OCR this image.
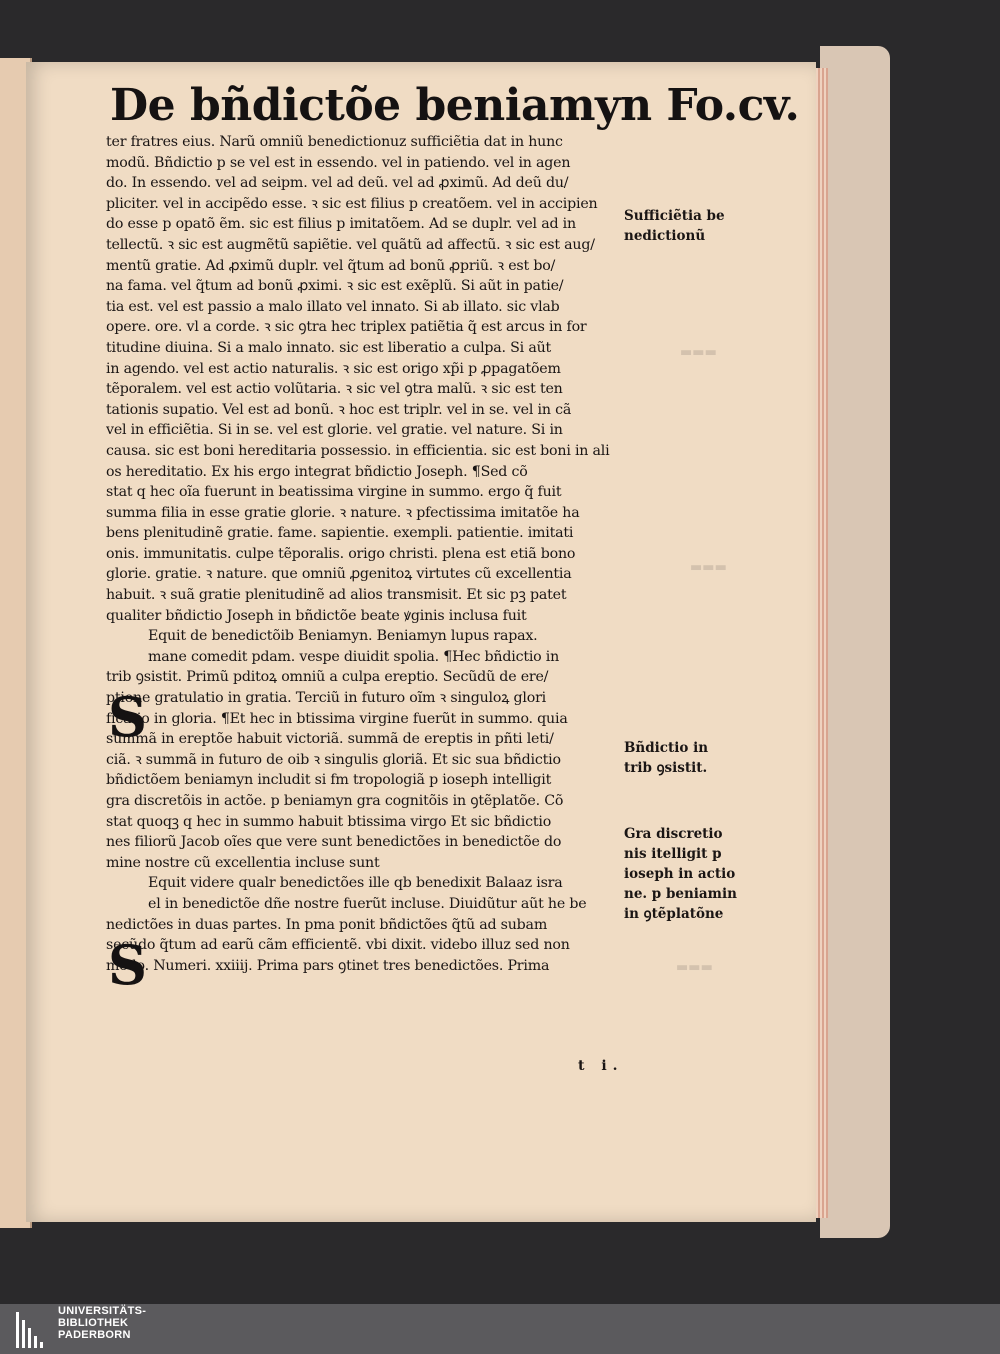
▬▬▬
▬▬▬
▬▬▬
De bñdictõe beniamyn Fo.cv.
ter fratres eius. Narũ omniũ benedictionuz sufficiẽtia dat in hunc
modũ. Bñdictio p se vel est in essendo. vel in patiendo. vel in agen
do. In essendo. vel ad seipm. vel ad deũ. vel ad ꝓximũ. Ad deũ du/
pliciter. vel in accipẽdo esse. ꝛ sic est filius p creatõem. vel in accipien
do esse p opatõ ẽm. sic est filius p imitatõem. Ad se duplr. vel ad in
tellectũ. ꝛ sic est augmẽtũ sapiẽtie. vel quãtũ ad affectũ. ꝛ sic est aug/
mentũ gratie. Ad ꝓximũ duplr. vel q̃tum ad bonũ ꝓpriũ. ꝛ est bo/
na fama. vel q̃tum ad bonũ ꝓximi. ꝛ sic est exẽplũ. Si aũt in patie/
tia est. vel est passio a malo illato vel innato. Si ab illato. sic vlab
opere. ore. vl a corde. ꝛ sic ꝯtra hec triplex patiẽtia q̃ est arcus in for
titudine diuina. Si a malo innato. sic est liberatio a culpa. Si aũt
in agendo. vel est actio naturalis. ꝛ sic est origo xp̃i p ꝓpagatõem
tẽporalem. vel est actio volũtaria. ꝛ sic vel ꝯtra malũ. ꝛ sic est ten
tationis supatio. Vel est ad bonũ. ꝛ hoc est triplr. vel in se. vel in cã
vel in efficiẽtia. Si in se. vel est glorie. vel gratie. vel nature. Si in
causa. sic est boni hereditaria possessio. in efficientia. sic est boni in ali
os hereditatio. Ex his ergo integrat bñdictio Joseph. ¶Sed cõ
stat q hec oĩa fuerunt in beatissima virgine in summo. ergo q̃ fuit
summa filia in esse gratie glorie. ꝛ nature. ꝛ pfectissima imitatõe ha
bens plenitudinẽ gratie. fame. sapientie. exempli. patientie. imitati
onis. immunitatis. culpe tẽporalis. origo christi. plena est etiã bono
glorie. gratie. ꝛ nature. que omniũ ꝓgenitoꝝ virtutes cũ excellentia
habuit. ꝛ suã gratie plenitudinẽ ad alios transmisit. Et sic pꝫ patet
qualiter bñdictio Joseph in bñdictõe beate ꝟginis inclusa fuit
Equit de benedictõib Beniamyn. Beniamyn lupus rapax.
mane comedit pdam. vespe diuidit spolia. ¶Hec bñdictio in
trib ꝯsistit. Primũ pditoꝝ omniũ a culpa ereptio. Secũdũ de ere/
ptione gratulatio in gratia. Terciũ in futuro oĩm ꝛ singuloꝝ glori
ficatio in gloria. ¶Et hec in btissima virgine fuerũt in summo. quia
summã in ereptõe habuit victoriã. summã de ereptis in pñti leti/
ciã. ꝛ summã in futuro de oib ꝛ singulis gloriã. Et sic sua bñdictio
bñdictõem beniamyn includit si fm tropologiã p ioseph intelligit
gra discretõis in actõe. p beniamyn gra cognitõis in ꝯtẽplatõe. Cõ
stat quoqꝫ q hec in summo habuit btissima virgo Et sic bñdictio
nes filiorũ Jacob oĩes que vere sunt benedictões in benedictõe do
mine nostre cũ excellentia incluse sunt
Equit videre qualr benedictões ille qb benedixit Balaaz isra
el in benedictõe dñe nostre fuerũt incluse. Diuidũtur aũt he be
nedictões in duas partes. In pma ponit bñdictões q̃tũ ad subam
secũdo q̃tum ad earũ cãm efficientẽ. vbi dixit. videbo illuz sed non
modo. Numeri. xxiiij. Prima pars ꝯtinet tres benedictões. Prima
S
S
Sufficiẽtia be
nedictionũ
Bñdictio in
trib ꝯsistit.
Gra discretio
nis itelligit p
ioseph in actio
ne. p beniamin
in ꝯtẽplatõne
t i.
UNIVERSITÄTS-
BIBLIOTHEK
PADERBORN
